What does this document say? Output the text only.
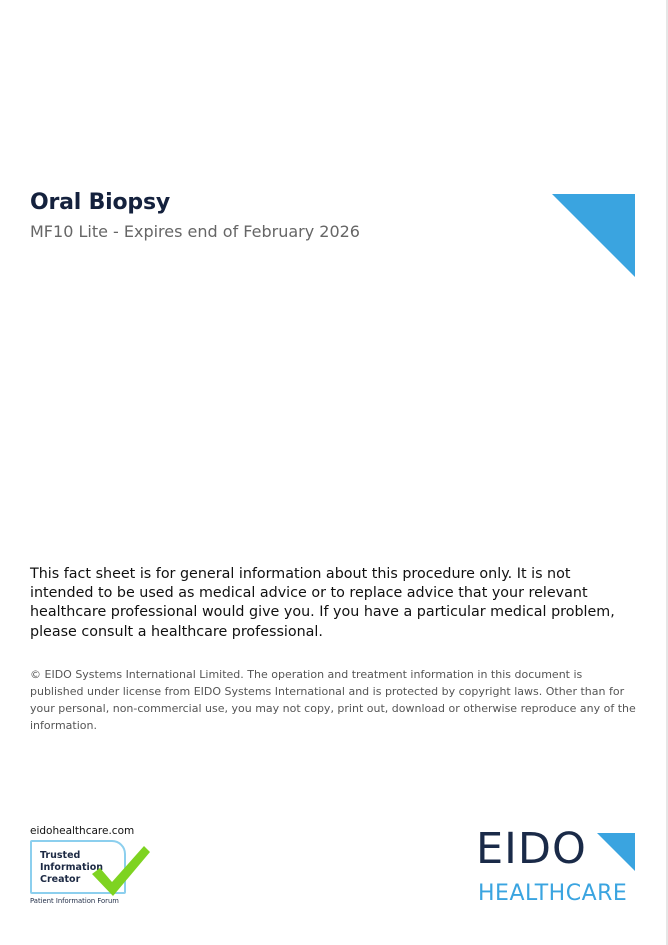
Oral Biopsy
MF10 Lite - Expires end of February 2026

This fact sheet is for general information about this procedure only. It is not intended to be used as medical advice or to replace advice that your relevant healthcare professional would give you. If you have a particular medical problem, please consult a healthcare professional.

© EIDO Systems International Limited. The operation and treatment information in this document is published under license from EIDO Systems International and is protected by copyright laws. Other than for your personal, non-commercial use, you may not copy, print out, download or otherwise reproduce any of the information.

eidohealthcare.com
Trusted
Information
Creator
Patient Information Forum
EIDO
HEALTHCARE
